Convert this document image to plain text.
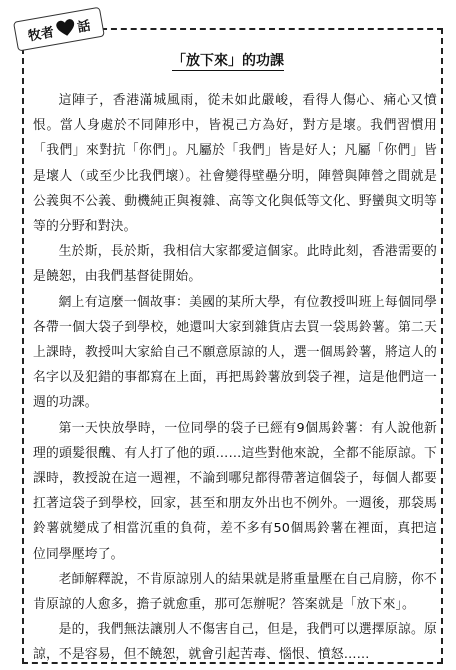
牧者 話
「放下來」的功課

這陣子，香港滿城風雨，從未如此嚴峻，看得人傷心、痛心又憤恨。當人身處於不同陣形中，皆視己方為好，對方是壞。我們習慣用「我們」來對抗「你們」。凡屬於「我們」皆是好人；凡屬「你們」皆是壞人（或至少比我們壞）。社會變得壁壘分明，陣營與陣營之間就是公義與不公義、動機純正與複雜、高等文化與低等文化、野蠻與文明等等的分野和對決。

生於斯，長於斯，我相信大家都愛這個家。此時此刻，香港需要的是饒恕，由我們基督徒開始。

網上有這麼一個故事：美國的某所大學，有位教授叫班上每個同學各帶一個大袋子到學校，她還叫大家到雜貨店去買一袋馬鈴薯。第二天上課時，教授叫大家給自己不願意原諒的人，選一個馬鈴薯，將這人的名字以及犯錯的事都寫在上面，再把馬鈴薯放到袋子裡，這是他們這一週的功課。

第一天快放學時，一位同學的袋子已經有9個馬鈴薯：有人說他新理的頭髮很醜、有人打了他的頭……這些對他來說，全都不能原諒。下課時，教授說在這一週裡，不論到哪兒都得帶著這個袋子，每個人都要扛著這袋子到學校，回家，甚至和朋友外出也不例外。一週後，那袋馬鈴薯就變成了相當沉重的負荷，差不多有50個馬鈴薯在裡面，真把這位同學壓垮了。

老師解釋說，不肯原諒別人的結果就是將重量壓在自己肩膀，你不肯原諒的人愈多，擔子就愈重，那可怎辦呢？答案就是「放下來」。

是的，我們無法讓別人不傷害自己，但是，我們可以選擇原諒。原諒，不是容易，但不饒恕，就會引起苦毒、惱恨、憤怒……
